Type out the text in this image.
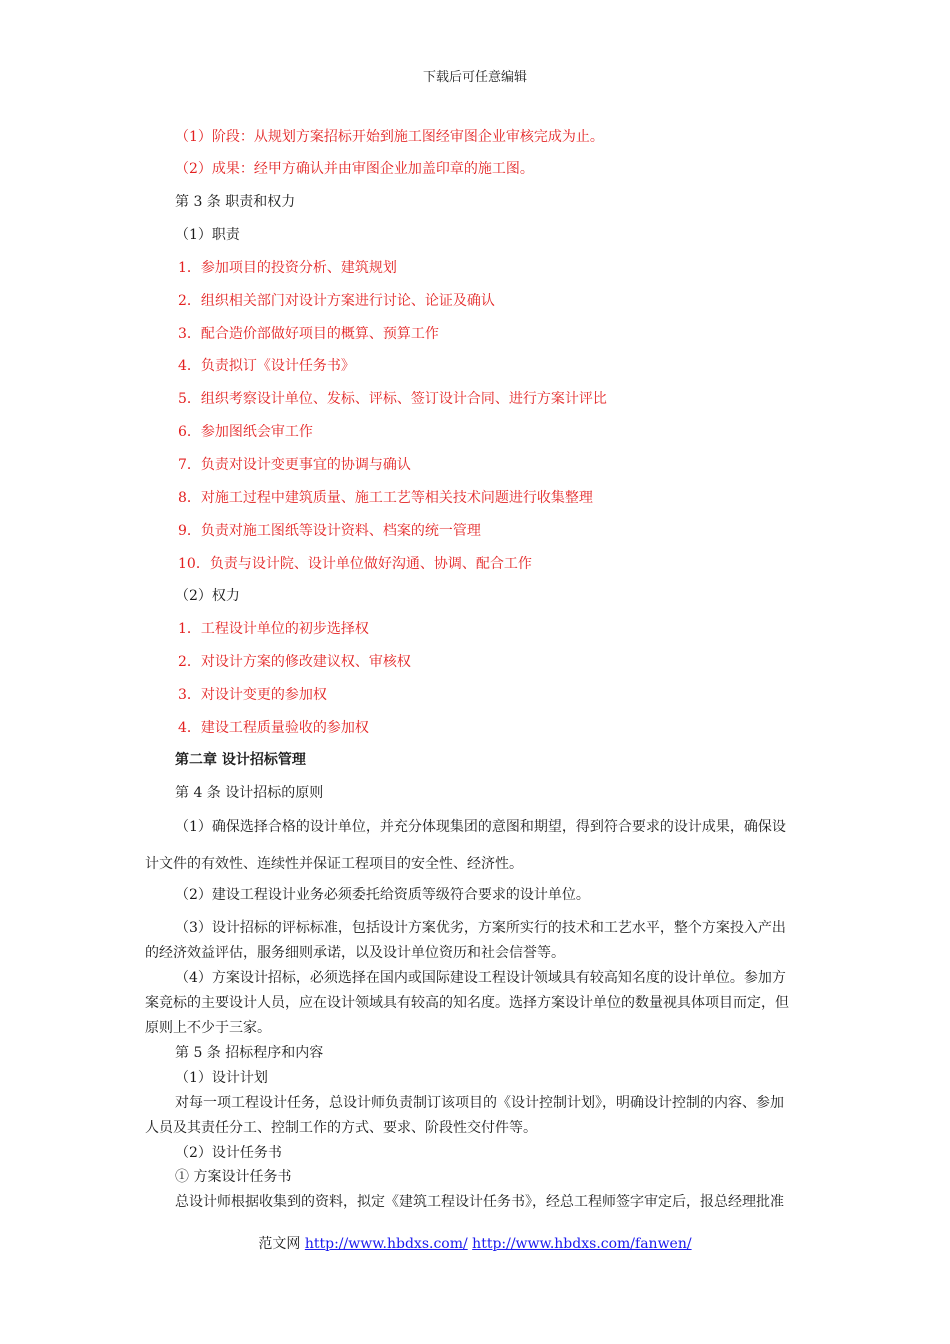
下载后可任意编辑
（1）阶段：从规划方案招标开始到施工图经审图企业审核完成为止。
（2）成果：经甲方确认并由审图企业加盖印章的施工图。
第 3 条 职责和权力
（1）职责
1．参加项目的投资分析、建筑规划
2．组织相关部门对设计方案进行讨论、论证及确认
3．配合造价部做好项目的概算、预算工作
4．负责拟订《设计任务书》
5．组织考察设计单位、发标、评标、签订设计合同、进行方案计评比
6．参加图纸会审工作
7．负责对设计变更事宜的协调与确认
8．对施工过程中建筑质量、施工工艺等相关技术问题进行收集整理
9．负责对施工图纸等设计资料、档案的统一管理
10．负责与设计院、设计单位做好沟通、协调、配合工作
（2）权力
1．工程设计单位的初步选择权
2．对设计方案的修改建议权、审核权
3．对设计变更的参加权
4．建设工程质量验收的参加权
第二章 设计招标管理
第 4 条 设计招标的原则
（1）确保选择合格的设计单位，并充分体现集团的意图和期望，得到符合要求的设计成果，确保设
计文件的有效性、连续性并保证工程项目的安全性、经济性。
（2）建设工程设计业务必须委托给资质等级符合要求的设计单位。
（3）设计招标的评标标准，包括设计方案优劣，方案所实行的技术和工艺水平，整个方案投入产出
的经济效益评估，服务细则承诺，以及设计单位资历和社会信誉等。
（4）方案设计招标，必须选择在国内或国际建设工程设计领域具有较高知名度的设计单位。参加方
案竞标的主要设计人员，应在设计领域具有较高的知名度。选择方案设计单位的数量视具体项目而定，但
原则上不少于三家。
第 5 条 招标程序和内容
（1）设计计划
对每一项工程设计任务，总设计师负责制订该项目的《设计控制计划》，明确设计控制的内容、参加
人员及其责任分工、控制工作的方式、要求、阶段性交付件等。
（2）设计任务书
① 方案设计任务书
总设计师根据收集到的资料，拟定《建筑工程设计任务书》，经总工程师签字审定后，报总经理批准
范文网 http://www.hbdxs.com/ http://www.hbdxs.com/fanwen/
